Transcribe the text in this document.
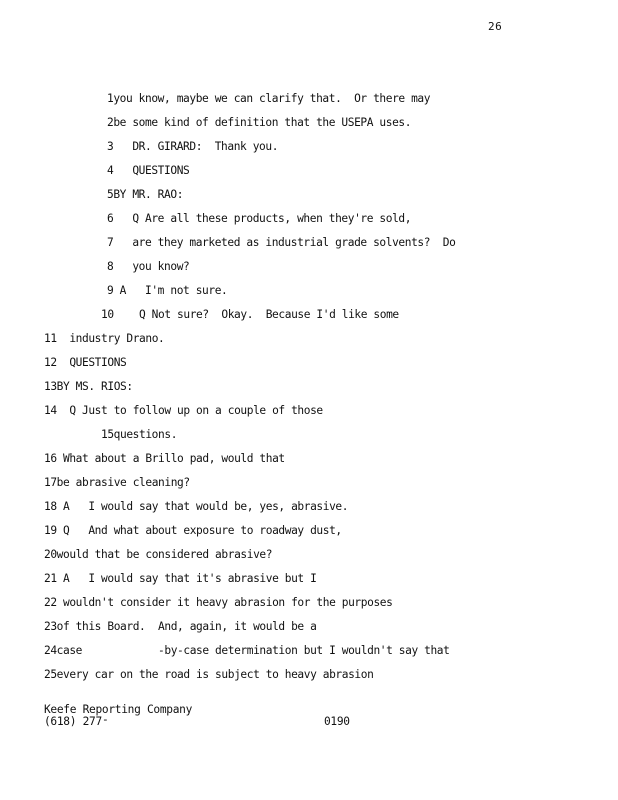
26
1you know, maybe we can clarify that.  Or there may
2be some kind of definition that the USEPA uses.
3   DR. GIRARD:  Thank you.
4   QUESTIONS
5BY MR. RAO:
6   Q Are all these products, when they're sold,
7   are they marketed as industrial grade solvents?  Do
8   you know?
9 A   I'm not sure.
10    Q Not sure?  Okay.  Because I'd like some
11  industry Drano.
12  QUESTIONS
13BY MS. RIOS:
14  Q Just to follow up on a couple of those
15questions.
16 What about a Brillo pad, would that
17be abrasive cleaning?
18 A   I would say that would be, yes, abrasive.
19 Q   And what about exposure to roadway dust,
20would that be considered abrasive?
21 A   I would say that it's abrasive but I
22 wouldn't consider it heavy abrasion for the purposes
23of this Board.  And, again, it would be a
24case            -by-case determination but I wouldn't say that
25every car on the road is subject to heavy abrasion
Keefe Reporting Company
(618) 277 -	0190
